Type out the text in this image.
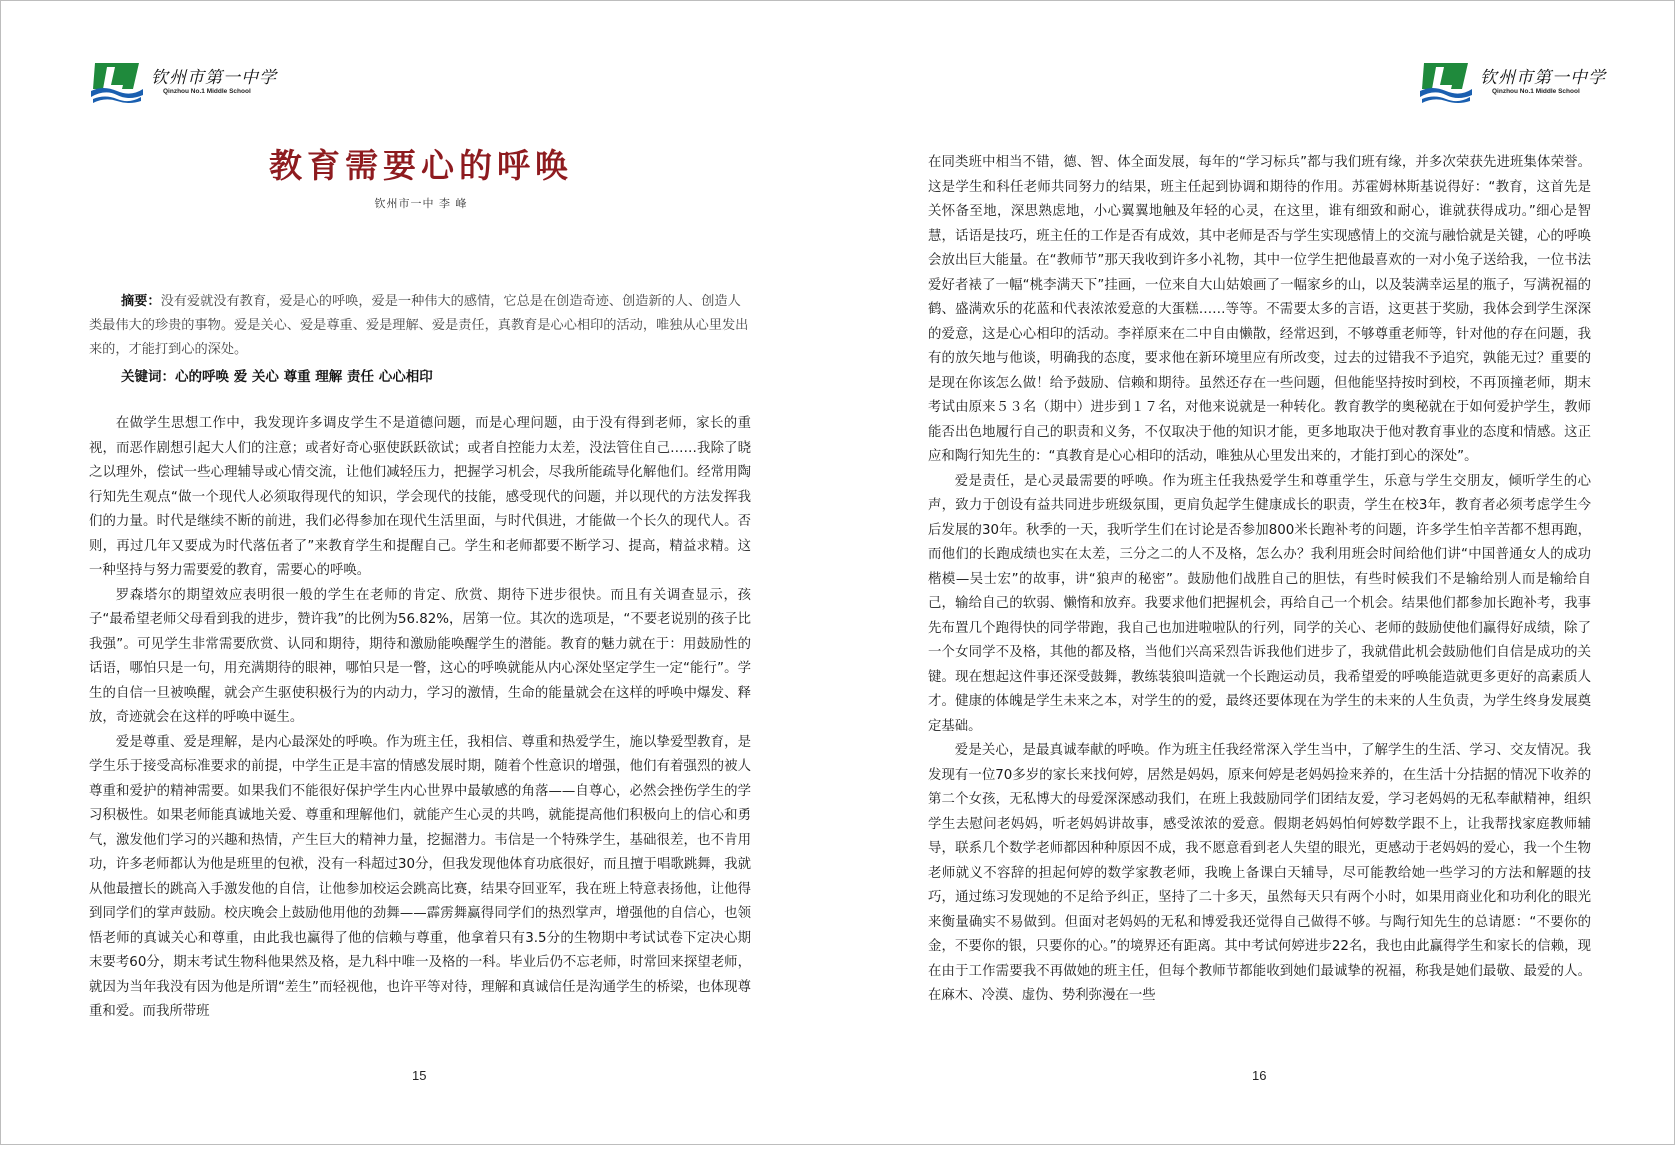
钦州市第一中学
Qinzhou No.1 Middle School
教育需要心的呼唤
钦州市一中 李 峰
摘要：没有爱就没有教育，爱是心的呼唤，爱是一种伟大的感情，它总是在创造奇迹、创造新的人、创造人类最伟大的珍贵的事物。爱是关心、爱是尊重、爱是理解、爱是责任，真教育是心心相印的活动，唯独从心里发出来的，才能打到心的深处。
关键词：心的呼唤 爱 关心 尊重 理解 责任 心心相印

在做学生思想工作中，我发现许多调皮学生不是道德问题，而是心理问题，由于没有得到老师，家长的重视，而恶作剧想引起大人们的注意；或者好奇心驱使跃跃欲试；或者自控能力太差，没法管住自己……我除了晓之以理外，偿试一些心理辅导或心情交流，让他们减轻压力，把握学习机会，尽我所能疏导化解他们。经常用陶行知先生观点“做一个现代人必须取得现代的知识，学会现代的技能，感受现代的问题，并以现代的方法发挥我们的力量。时代是继续不断的前进，我们必得参加在现代生活里面，与时代俱进，才能做一个长久的现代人。否则，再过几年又要成为时代落伍者了”来教育学生和提醒自己。学生和老师都要不断学习、提高，精益求精。这一种坚持与努力需要爱的教育，需要心的呼唤。

罗森塔尔的期望效应表明很一般的学生在老师的肯定、欣赏、期待下进步很快。而且有关调查显示，孩子“最希望老师父母看到我的进步，赞许我”的比例为56.82%，居第一位。其次的选项是，“不要老说别的孩子比我强”。可见学生非常需要欣赏、认同和期待，期待和激励能唤醒学生的潜能。教育的魅力就在于：用鼓励性的话语，哪怕只是一句，用充满期待的眼神，哪怕只是一瞥，这心的呼唤就能从内心深处坚定学生一定“能行”。学生的自信一旦被唤醒，就会产生驱使积极行为的内动力，学习的激情，生命的能量就会在这样的呼唤中爆发、释放，奇迹就会在这样的呼唤中诞生。

爱是尊重、爱是理解，是内心最深处的呼唤。作为班主任，我相信、尊重和热爱学生，施以挚爱型教育，是学生乐于接受高标准要求的前提，中学生正是丰富的情感发展时期，随着个性意识的增强，他们有着强烈的被人尊重和爱护的精神需要。如果我们不能很好保护学生内心世界中最敏感的角落——自尊心，必然会挫伤学生的学习积极性。如果老师能真诚地关爱、尊重和理解他们，就能产生心灵的共鸣，就能提高他们积极向上的信心和勇气，激发他们学习的兴趣和热情，产生巨大的精神力量，挖掘潜力。韦信是一个特殊学生，基础很差，也不肯用功，许多老师都认为他是班里的包袱，没有一科超过30分，但我发现他体育功底很好，而且擅于唱歌跳舞，我就从他最擅长的跳高入手激发他的自信，让他参加校运会跳高比赛，结果夺回亚军，我在班上特意表扬他，让他得到同学们的掌声鼓励。校庆晚会上鼓励他用他的劲舞——霹雳舞赢得同学们的热烈掌声，增强他的自信心，也领悟老师的真诚关心和尊重，由此我也赢得了他的信赖与尊重，他拿着只有3.5分的生物期中考试试卷下定决心期末要考60分，期末考试生物科他果然及格，是九科中唯一及格的一科。毕业后仍不忘老师，时常回来探望老师，就因为当年我没有因为他是所谓“差生”而轻视他，也许平等对待，理解和真诚信任是沟通学生的桥梁，也体现尊重和爱。而我所带班

15
钦州市第一中学
Qinzhou No.1 Middle School

在同类班中相当不错，德、智、体全面发展，每年的“学习标兵”都与我们班有缘，并多次荣获先进班集体荣誉。这是学生和科任老师共同努力的结果，班主任起到协调和期待的作用。苏霍姆林斯基说得好：“教育，这首先是关怀备至地，深思熟虑地，小心翼翼地触及年轻的心灵，在这里，谁有细致和耐心，谁就获得成功。”细心是智慧，话语是技巧，班主任的工作是否有成效，其中老师是否与学生实现感情上的交流与融恰就是关键，心的呼唤会放出巨大能量。在“教师节”那天我收到许多小礼物，其中一位学生把他最喜欢的一对小兔子送给我，一位书法爱好者裱了一幅“桃李满天下”挂画，一位来自大山姑娘画了一幅家乡的山，以及装满幸运星的瓶子，写满祝福的鹤、盛满欢乐的花蓝和代表浓浓爱意的大蛋糕……等等。不需要太多的言语，这更甚于奖励，我体会到学生深深的爱意，这是心心相印的活动。李祥原来在二中自由懒散，经常迟到，不够尊重老师等，针对他的存在问题，我有的放矢地与他谈，明确我的态度，要求他在新环境里应有所改变，过去的过错我不予追究，孰能无过？重要的是现在你该怎么做！给予鼓励、信赖和期待。虽然还存在一些问题，但他能坚持按时到校，不再顶撞老师，期末考试由原来５３名（期中）进步到１７名，对他来说就是一种转化。教育教学的奥秘就在于如何爱护学生，教师能否出色地履行自己的职责和义务，不仅取决于他的知识才能，更多地取决于他对教育事业的态度和情感。这正应和陶行知先生的：“真教育是心心相印的活动，唯独从心里发出来的，才能打到心的深处”。

爱是责任，是心灵最需要的呼唤。作为班主任我热爱学生和尊重学生，乐意与学生交朋友，倾听学生的心声，致力于创设有益共同进步班级氛围，更肩负起学生健康成长的职责，学生在校3年，教育者必须考虑学生今后发展的30年。秋季的一天，我听学生们在讨论是否参加800米长跑补考的问题，许多学生怕辛苦都不想再跑，而他们的长跑成绩也实在太差，三分之二的人不及格，怎么办？我利用班会时间给他们讲“中国普通女人的成功楷模—吴士宏”的故事，讲“狼声的秘密”。鼓励他们战胜自己的胆怯，有些时候我们不是输给别人而是输给自己，输给自己的软弱、懒惰和放弃。我要求他们把握机会，再给自己一个机会。结果他们都参加长跑补考，我事先布置几个跑得快的同学带跑，我自己也加进啦啦队的行列，同学的关心、老师的鼓励使他们赢得好成绩，除了一个女同学不及格，其他的都及格，当他们兴高采烈告诉我他们进步了，我就借此机会鼓励他们自信是成功的关键。现在想起这件事还深受鼓舞，教练装狼叫造就一个长跑运动员，我希望爱的呼唤能造就更多更好的高素质人才。健康的体魄是学生未来之本，对学生的的爱，最终还要体现在为学生的未来的人生负责，为学生终身发展奠定基础。

爱是关心，是最真诚奉献的呼唤。作为班主任我经常深入学生当中，了解学生的生活、学习、交友情况。我发现有一位70多岁的家长来找何婷，居然是妈妈，原来何婷是老妈妈捡来养的，在生活十分拮据的情况下收养的第二个女孩，无私博大的母爱深深感动我们，在班上我鼓励同学们团结友爱，学习老妈妈的无私奉献精神，组织学生去慰问老妈妈，听老妈妈讲故事，感受浓浓的爱意。假期老妈妈怕何婷数学跟不上，让我帮找家庭教师辅导，联系几个数学老师都因种种原因不成，我不愿意看到老人失望的眼光，更感动于老妈妈的爱心，我一个生物老师就义不容辞的担起何婷的数学家教老师，我晚上备课白天辅导，尽可能教给她一些学习的方法和解题的技巧，通过练习发现她的不足给予纠正，坚持了二十多天，虽然每天只有两个小时，如果用商业化和功利化的眼光来衡量确实不易做到。但面对老妈妈的无私和博爱我还觉得自己做得不够。与陶行知先生的总请愿：“不要你的金，不要你的银，只要你的心。”的境界还有距离。其中考试何婷进步22名，我也由此赢得学生和家长的信赖，现在由于工作需要我不再做她的班主任，但每个教师节都能收到她们最诚挚的祝福，称我是她们最敬、最爱的人。在麻木、冷漠、虚伪、势利弥漫在一些

16
